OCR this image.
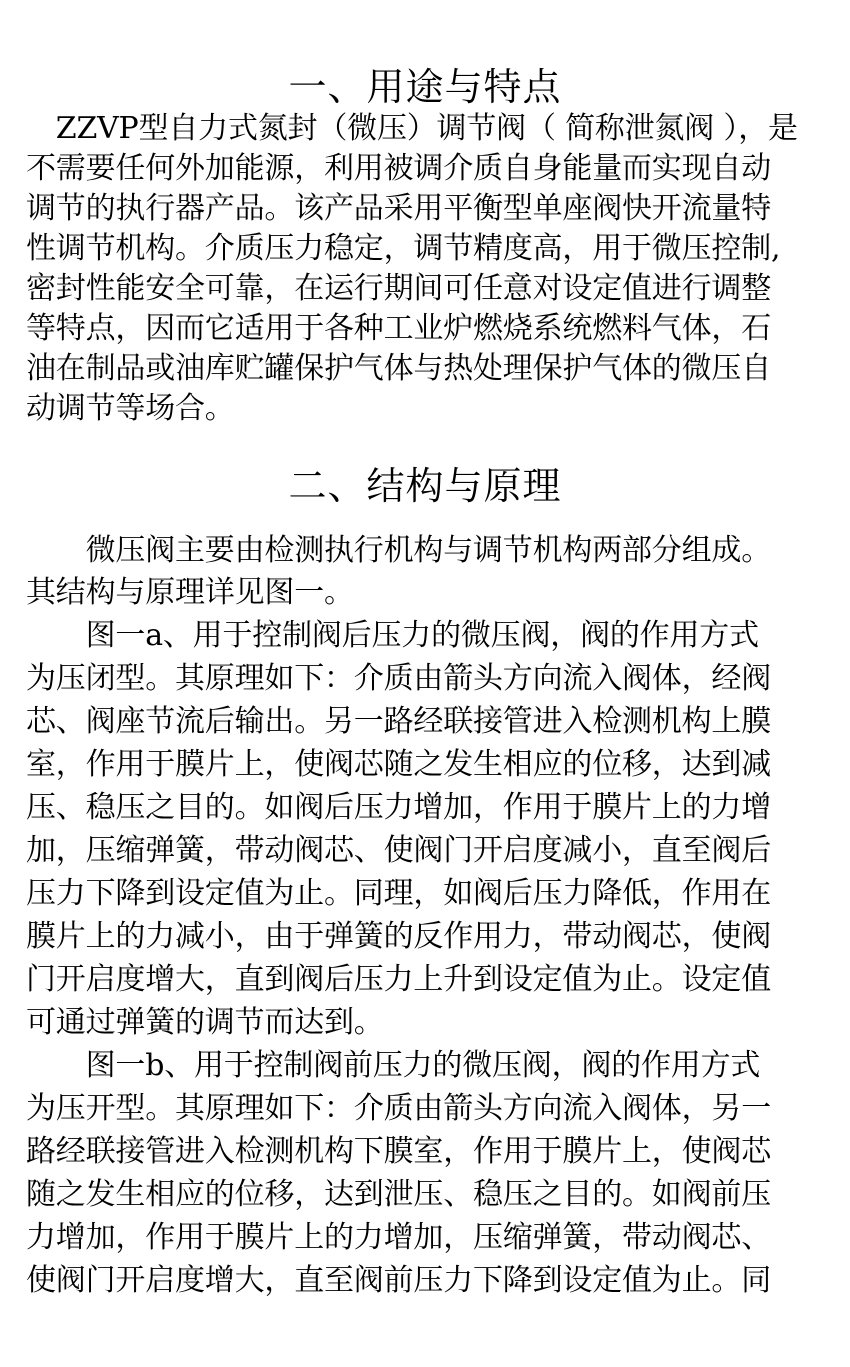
一、用途与特点

　ZZVP型自力式氮封（微压）调节阀（ 简称泄氮阀 ），是

不需要任何外加能源，利用被调介质自身能量而实现自动

调节的执行器产品。该产品采用平衡型单座阀快开流量特

性调节机构。介质压力稳定，调节精度高，用于微压控制,

密封性能安全可靠，在运行期间可任意对设定值进行调整

等特点，因而它适用于各种工业炉燃烧系统燃料气体，石

油在制品或油库贮罐保护气体与热处理保护气体的微压自

动调节等场合。

二、结构与原理

　　微压阀主要由检测执行机构与调节机构两部分组成。

其结构与原理详见图一。

　　图一a、用于控制阀后压力的微压阀，阀的作用方式

为压闭型。其原理如下：介质由箭头方向流入阀体，经阀

芯、阀座节流后输出。另一路经联接管进入检测机构上膜

室，作用于膜片上，使阀芯随之发生相应的位移，达到减

压、稳压之目的。如阀后压力增加，作用于膜片上的力增

加，压缩弹簧，带动阀芯、使阀门开启度减小，直至阀后

压力下降到设定值为止。同理，如阀后压力降低，作用在

膜片上的力减小，由于弹簧的反作用力，带动阀芯，使阀

门开启度增大，直到阀后压力上升到设定值为止。设定值

可通过弹簧的调节而达到。

　　图一b、用于控制阀前压力的微压阀，阀的作用方式

为压开型。其原理如下：介质由箭头方向流入阀体，另一

路经联接管进入检测机构下膜室，作用于膜片上，使阀芯

随之发生相应的位移，达到泄压、稳压之目的。如阀前压

力增加，作用于膜片上的力增加，压缩弹簧，带动阀芯、

使阀门开启度增大，直至阀前压力下降到设定值为止。同
